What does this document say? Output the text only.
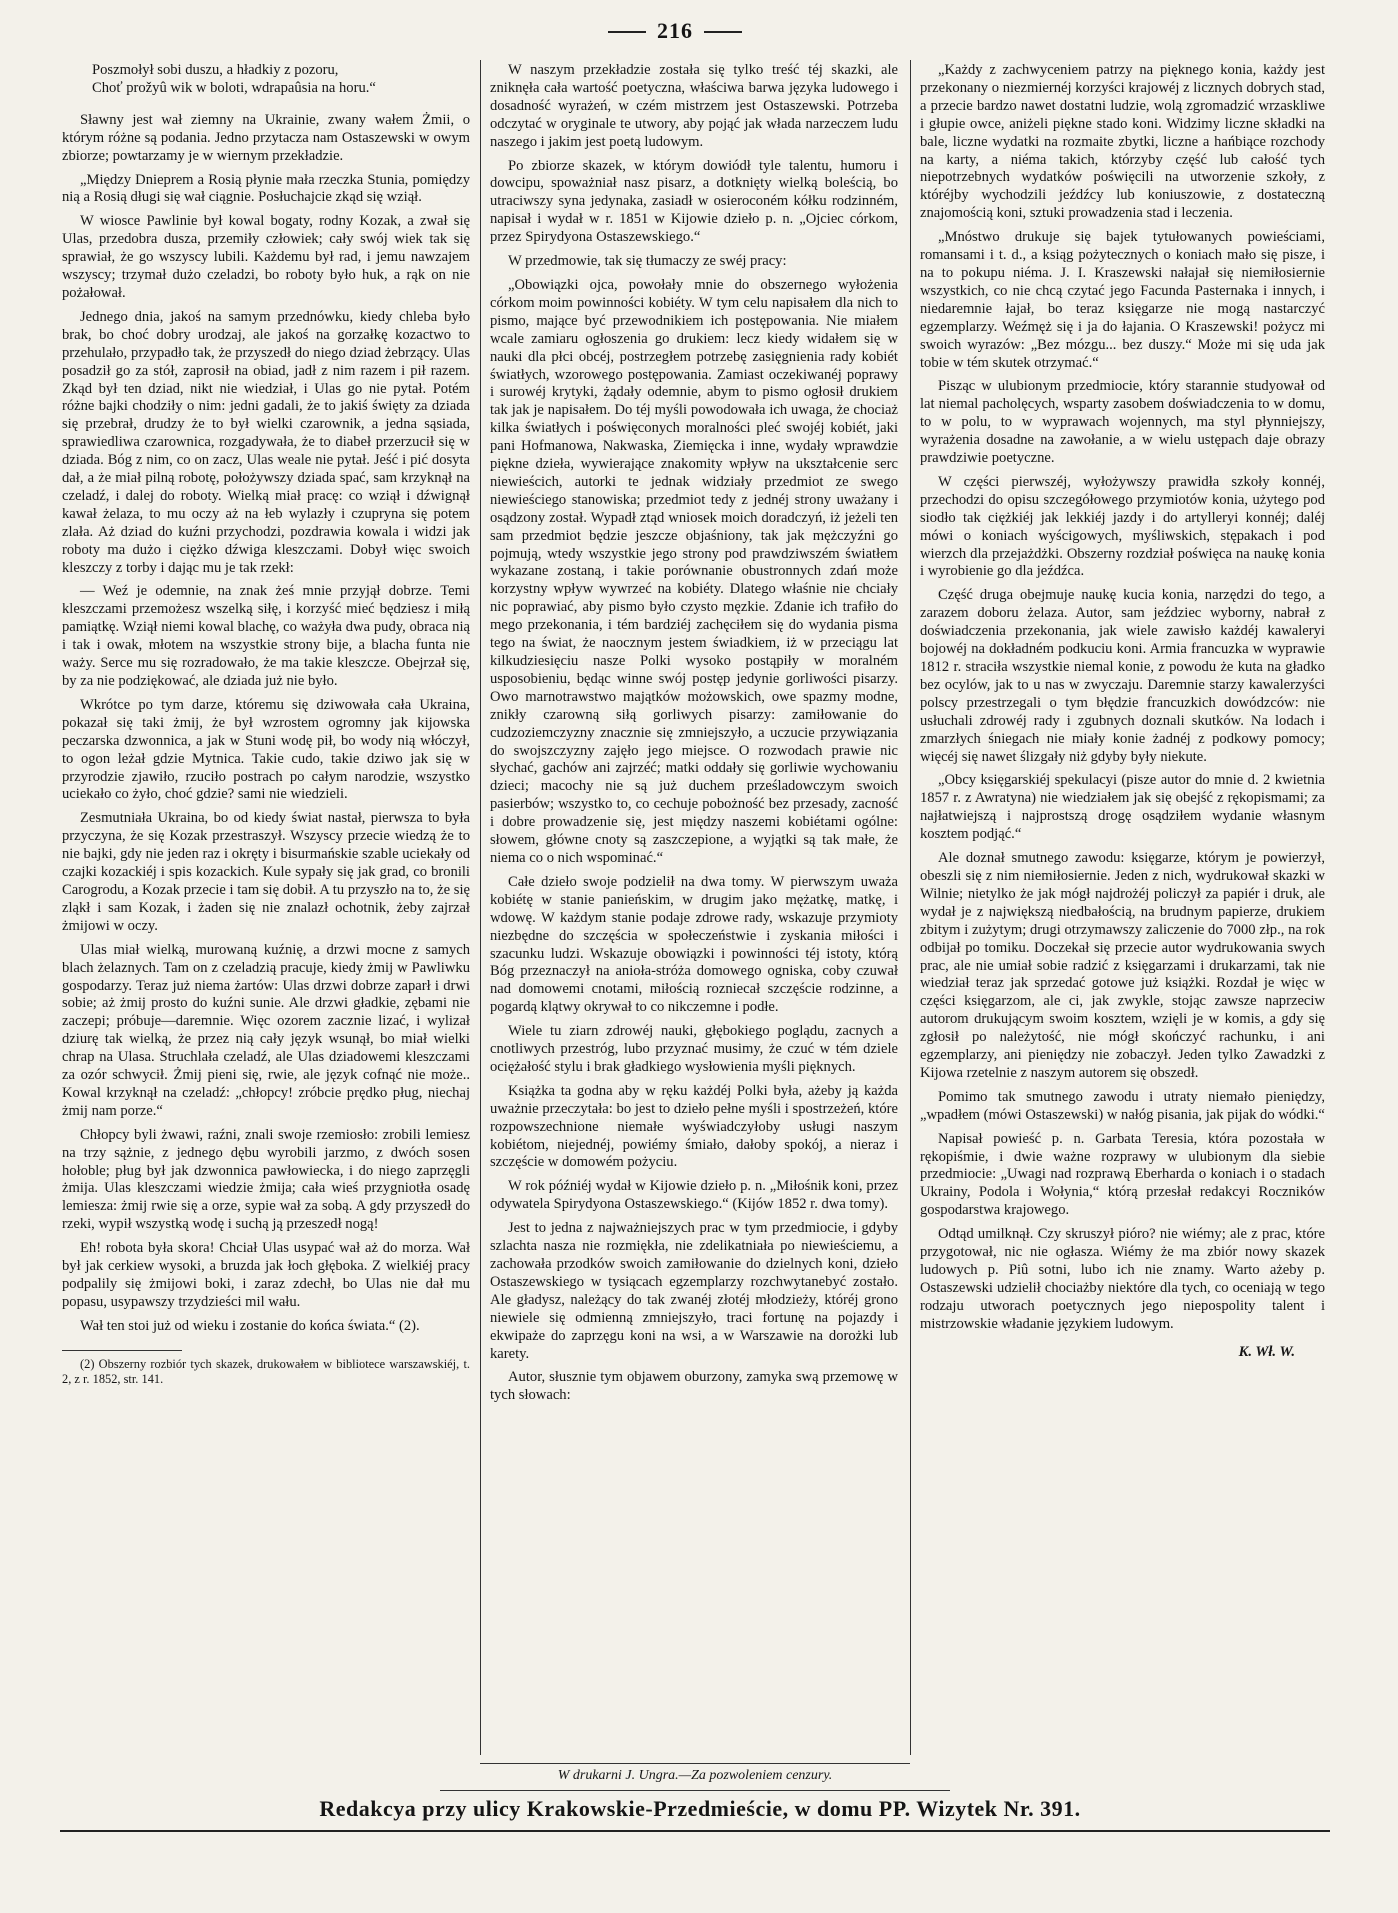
216
Poszmołył sobi duszu, a hładkiy z pozoru,
Choť prožyû wik w boloti, wdrapaûsia na horu.“

Sławny jest wał ziemny na Ukrainie, zwany wałem Żmii, o którym różne są podania. Jedno przytacza nam Ostaszewski w owym zbiorze; powtarzamy je w wiernym przekładzie.

„Między Dnieprem a Rosią płynie mała rzeczka Stunia, pomiędzy nią a Rosią długi się wał ciągnie. Posłuchajcie zkąd się wziął.

W wiosce Pawlinie był kowal bogaty, rodny Kozak, a zwał się Ulas, przedobra dusza, przemiły człowiek; cały swój wiek tak się sprawiał, że go wszyscy lubili. Każdemu był rad, i jemu nawzajem wszyscy; trzymał dużo czeladzi, bo roboty było huk, a rąk on nie pożałował.

Jednego dnia, jakoś na samym przednówku, kiedy chleba było brak, bo choć dobry urodzaj, ale jakoś na gorzałkę kozactwo to przehulało, przypadło tak, że przyszedł do niego dziad żebrzący. Ulas posadził go za stół, zaprosił na obiad, jadł z nim razem i pił razem. Zkąd był ten dziad, nikt nie wiedział, i Ulas go nie pytał. Potém różne bajki chodziły o nim: jedni gadali, że to jakiś święty za dziada się przebrał, drudzy że to był wielki czarownik, a jedna sąsiada, sprawiedliwa czarownica, rozgadywała, że to diabeł przerzucił się w dziada. Bóg z nim, co on zacz, Ulas weale nie pytał. Jeść i pić dosyta dał, a że miał pilną robotę, położywszy dziada spać, sam krzyknął na czeladź, i dalej do roboty. Wielką miał pracę: co wziął i dźwignął kawał żelaza, to mu oczy aż na łeb wylazły i czupryna się potem zlała. Aż dziad do kuźni przychodzi, pozdrawia kowala i widzi jak roboty ma dużo i ciężko dźwiga kleszczami. Dobył więc swoich kleszczy z torby i dając mu je tak rzekł:

— Weź je odemnie, na znak żeś mnie przyjął dobrze. Temi kleszczami przemożesz wszelką siłę, i korzyść mieć będziesz i miłą pamiątkę. Wziął niemi kowal blachę, co ważyła dwa pudy, obraca nią i tak i owak, młotem na wszystkie strony bije, a blacha funta nie waży. Serce mu się rozradowało, że ma takie kleszcze. Obejrzał się, by za nie podziękować, ale dziada już nie było.

Wkrótce po tym darze, któremu się dziwowała cała Ukraina, pokazał się taki żmij, że był wzrostem ogromny jak kijowska peczarska dzwonnica, a jak w Stuni wodę pił, bo wody nią włóczył, to ogon leżał gdzie Mytnica. Takie cudo, takie dziwo jak się w przyrodzie zjawiło, rzuciło postrach po całym narodzie, wszystko uciekało co żyło, choć gdzie? sami nie wiedzieli.

Zesmutniała Ukraina, bo od kiedy świat nastał, pierwsza to była przyczyna, że się Kozak przestraszył. Wszyscy przecie wiedzą że to nie bajki, gdy nie jeden raz i okręty i bisurmańskie szable uciekały od czajki kozackiéj i spis kozackich. Kule sypały się jak grad, co bronili Carogrodu, a Kozak przecie i tam się dobił. A tu przyszło na to, że się zląkł i sam Kozak, i żaden się nie znalazł ochotnik, żeby zajrzał żmijowi w oczy.

Ulas miał wielką, murowaną kuźnię, a drzwi mocne z samych blach żelaznych. Tam on z czeladzią pracuje, kiedy żmij w Pawliwku gospodarzy. Teraz już niema żartów: Ulas drzwi dobrze zaparł i drwi sobie; aż żmij prosto do kuźni sunie. Ale drzwi gładkie, zębami nie zaczepi; próbuje—daremnie. Więc ozorem zacznie lizać, i wylizał dziurę tak wielką, że przez nią cały język wsunął, bo miał wielki chrap na Ulasa. Struchlała czeladź, ale Ulas dziadowemi kleszczami za ozór schwycił. Żmij pieni się, rwie, ale język cofnąć nie może.. Kowal krzyknął na czeladź: „chłopcy! zróbcie prędko pług, niechaj żmij nam porze.“

Chłopcy byli żwawi, raźni, znali swoje rzemiosło: zrobili lemiesz na trzy sążnie, z jednego dębu wyrobili jarzmo, z dwóch sosen hołoble; pług był jak dzwonnica pawłowiecka, i do niego zaprzęgli żmija. Ulas kleszczami wiedzie żmija; cała wieś przygniotła osadę lemiesza: żmij rwie się a orze, sypie wał za sobą. A gdy przyszedł do rzeki, wypił wszystką wodę i suchą ją przeszedł nogą!

Eh! robota była skora! Chciał Ulas usypać wał aż do morza. Wał był jak cerkiew wysoki, a bruzda jak łoch głęboka. Z wielkiéj pracy podpalily się żmijowi boki, i zaraz zdechł, bo Ulas nie dał mu popasu, usypawszy trzydzieści mil wału.

Wał ten stoi już od wieku i zostanie do końca świata.“ (2).

(2) Obszerny rozbiór tych skazek, drukowałem w bibliotece warszawskiéj, t. 2, z r. 1852, str. 141.

W naszym przekładzie została się tylko treść téj skazki, ale zniknęła cała wartość poetyczna, właściwa barwa języka ludowego i dosadność wyrażeń, w czém mistrzem jest Ostaszewski. Potrzeba odczytać w oryginale te utwory, aby pojąć jak włada narzeczem ludu naszego i jakim jest poetą ludowym.

Po zbiorze skazek, w którym dowiódł tyle talentu, humoru i dowcipu, spoważniał nasz pisarz, a dotknięty wielką boleścią, bo utraciwszy syna jedynaka, zasiadł w osieroconém kółku rodzinném, napisał i wydał w r. 1851 w Kijowie dzieło p. n. „Ojciec córkom, przez Spirydyona Ostaszewskiego.“

W przedmowie, tak się tłumaczy ze swéj pracy:

„Obowiązki ojca, powołały mnie do obszernego wyłożenia córkom moim powinności kobiéty. W tym celu napisałem dla nich to pismo, mające być przewodnikiem ich postępowania. Nie miałem wcale zamiaru ogłoszenia go drukiem: lecz kiedy widałem się w nauki dla płci obcéj, postrzegłem potrzebę zasięgnienia rady kobiét światłych, wzorowego postępowania. Zamiast oczekiwanéj poprawy i surowéj krytyki, żądały odemnie, abym to pismo ogłosił drukiem tak jak je napisałem. Do téj myśli powodowała ich uwaga, że chociaż kilka światłych i poświęconych moralności pleć swojéj kobiét, jaki pani Hofmanowa, Nakwaska, Ziemięcka i inne, wydały wprawdzie piękne dzieła, wywierające znakomity wpływ na ukształcenie serc niewieścich, autorki te jednak widziały przedmiot ze swego niewieściego stanowiska; przedmiot tedy z jednéj strony uważany i osądzony został. Wypadł ztąd wniosek moich doradczyń, iż jeżeli ten sam przedmiot będzie jeszcze objaśniony, tak jak mężczyźni go pojmują, wtedy wszystkie jego strony pod prawdziwszém światłem wykazane zostaną, i takie porównanie obustronnych zdań może korzystny wpływ wywrzeć na kobiéty. Dlatego właśnie nie chciały nic poprawiać, aby pismo było czysto męzkie. Zdanie ich trafiło do mego przekonania, i tém bardziéj zachęciłem się do wydania pisma tego na świat, że naocznym jestem świadkiem, iż w przeciągu lat kilkudziesięciu nasze Polki wysoko postąpiły w moralném usposobieniu, będąc winne swój postęp jedynie gorliwości pisarzy. Owo marnotrawstwo majątków możowskich, owe spazmy modne, znikły czarowną siłą gorliwych pisarzy: zamiłowanie do cudzoziemczyzny znacznie się zmniejszyło, a uczucie przywiązania do swojszczyzny zajęło jego miejsce. O rozwodach prawie nic słychać, gachów ani zajrzéć; matki oddały się gorliwie wychowaniu dzieci; macochy nie są już duchem prześladowczym swoich pasierbów; wszystko to, co cechuje pobożność bez przesady, zacność i dobre prowadzenie się, jest między naszemi kobiétami ogólne: słowem, główne cnoty są zaszczepione, a wyjątki są tak małe, że niema co o nich wspominać.“

Całe dzieło swoje podzielił na dwa tomy. W pierwszym uważa kobiétę w stanie panieńskim, w drugim jako mężatkę, matkę, i wdowę. W każdym stanie podaje zdrowe rady, wskazuje przymioty niezbędne do szczęścia w społeczeństwie i zyskania miłości i szacunku ludzi. Wskazuje obowiązki i powinności téj istoty, którą Bóg przeznaczył na anioła-stróża domowego ogniska, coby czuwał nad domowemi cnotami, miłością rozniecał szczęście rodzinne, a pogardą klątwy okrywał to co nikczemne i podłe.

Wiele tu ziarn zdrowéj nauki, głębokiego poglądu, zacnych a cnotliwych przestróg, lubo przyznać musimy, że czuć w tém dziele ociężałość stylu i brak gładkiego wysłowienia myśli pięknych.

Książka ta godna aby w ręku każdéj Polki była, ażeby ją każda uważnie przeczytała: bo jest to dzieło pełne myśli i spostrzeżeń, które rozpowszechnione niemałe wyświadczyłoby usługi naszym kobiétom, niejednéj, powiémy śmiało, dałoby spokój, a nieraz i szczęście w domowém pożyciu.

W rok późniéj wydał w Kijowie dzieło p. n. „Miłośnik koni, przez odywatela Spirydyona Ostaszewskiego.“ (Kijów 1852 r. dwa tomy).

Jest to jedna z najważniejszych prac w tym przedmiocie, i gdyby szlachta nasza nie rozmiękła, nie zdelikatniała po niewieściemu, a zachowała przodków swoich zamiłowanie do dzielnych koni, dzieło Ostaszewskiego w tysiącach egzemplarzy rozchwytanebyć zostało. Ale gładysz, należący do tak zwanéj złotéj młodzieży, któréj grono niewiele się odmienną zmniejszyło, traci fortunę na pojazdy i ekwipaże do zaprzęgu koni na wsi, a w Warszawie na dorożki lub karety.

Autor, słusznie tym objawem oburzony, zamyka swą przemowę w tych słowach:

„Każdy z zachwyceniem patrzy na pięknego konia, każdy jest przekonany o niezmiernéj korzyści krajowéj z licznych dobrych stad, a przecie bardzo nawet dostatni ludzie, wolą zgromadzić wrzaskliwe i głupie owce, aniżeli piękne stado koni. Widzimy liczne składki na bale, liczne wydatki na rozmaite zbytki, liczne a hańbiące rozchody na karty, a niéma takich, którzyby część lub całość tych niepotrzebnych wydatków poświęcili na utworzenie szkoły, z któréjby wychodzili jeźdźcy lub koniuszowie, z dostateczną znajomością koni, sztuki prowadzenia stad i leczenia.

„Mnóstwo drukuje się bajek tytułowanych powieściami, romansami i t. d., a ksiąg pożytecznych o koniach mało się pisze, i na to pokupu niéma. J. I. Kraszewski nałajał się niemiłosiernie wszystkich, co nie chcą czytać jego Facunda Pasternaka i innych, i niedaremnie łajał, bo teraz księgarze nie mogą nastarczyć egzemplarzy. Weźmęż się i ja do łajania. O Kraszewski! pożycz mi swoich wyrazów: „Bez mózgu... bez duszy.“ Może mi się uda jak tobie w tém skutek otrzymać.“

Pisząc w ulubionym przedmiocie, który starannie studyował od lat niemal pacholęcych, wsparty zasobem doświadczenia to w domu, to w polu, to w wyprawach wojennych, ma styl płynniejszy, wyrażenia dosadne na zawołanie, a w wielu ustępach daje obrazy prawdziwie poetyczne.

W części pierwszéj, wyłożywszy prawidła szkoły konnéj, przechodzi do opisu szczegółowego przymiotów konia, użytego pod siodło tak ciężkiéj jak lekkiéj jazdy i do artylleryi konnéj; daléj mówi o koniach wyścigowych, myśliwskich, stępakach i pod wierzch dla przejażdżki. Obszerny rozdział poświęca na naukę konia i wyrobienie go dla jeźdźca.

Część druga obejmuje naukę kucia konia, narzędzi do tego, a zarazem doboru żelaza. Autor, sam jeździec wyborny, nabrał z doświadczenia przekonania, jak wiele zawisło każdéj kawaleryi bojowéj na dokładném podkuciu koni. Armia francuzka w wyprawie 1812 r. straciła wszystkie niemal konie, z powodu że kuta na gładko bez ocylów, jak to u nas w zwyczaju. Daremnie starzy kawalerzyści polscy przestrzegali o tym błędzie francuzkich dowódzców: nie usłuchali zdrowéj rady i zgubnych doznali skutków. Na lodach i zmarzłych śniegach nie miały konie żadnéj z podkowy pomocy; więcéj się nawet ślizgały niż gdyby były niekute.

„Obcy księgarskiéj spekulacyi (pisze autor do mnie d. 2 kwietnia 1857 r. z Awratyna) nie wiedziałem jak się obejść z rękopismami; za najłatwiejszą i najprostszą drogę osądziłem wydanie własnym kosztem podjąć.“

Ale doznał smutnego zawodu: księgarze, którym je powierzył, obeszli się z nim niemiłosiernie. Jeden z nich, wydrukował skazki w Wilnie; nietylko że jak mógł najdrożéj policzył za papiér i druk, ale wydał je z największą niedbałością, na brudnym papierze, drukiem zbitym i zużytym; drugi otrzymawszy zaliczenie do 7000 złp., na rok odbijał po tomiku. Doczekał się przecie autor wydrukowania swych prac, ale nie umiał sobie radzić z księgarzami i drukarzami, tak nie wiedział teraz jak sprzedać gotowe już książki. Rozdał je więc w części księgarzom, ale ci, jak zwykle, stojąc zawsze naprzeciw autorom drukującym swoim kosztem, wzięli je w komis, a gdy się zgłosił po należytość, nie mógł skończyć rachunku, i ani egzemplarzy, ani pieniędzy nie zobaczył. Jeden tylko Zawadzki z Kijowa rzetelnie z naszym autorem się obszedł.

Pomimo tak smutnego zawodu i utraty niemało pieniędzy, „wpadłem (mówi Ostaszewski) w nałóg pisania, jak pijak do wódki.“

Napisał powieść p. n. Garbata Teresia, która pozostała w rękopiśmie, i dwie ważne rozprawy w ulubionym dla siebie przedmiocie: „Uwagi nad rozprawą Eberharda o koniach i o stadach Ukrainy, Podola i Wołynia,“ którą przesłał redakcyi Roczników gospodarstwa krajowego.

Odtąd umilknął. Czy skruszył pióro? nie wiémy; ale z prac, które przygotował, nic nie ogłasza. Wiémy że ma zbiór nowy skazek ludowych p. Piû sotni, lubo ich nie znamy. Warto ażeby p. Ostaszewski udzielił chociażby niektóre dla tych, co oceniają w tego rodzaju utworach poetycznych jego niepospolity talent i mistrzowskie władanie językiem ludowym.

K. Wł. W.
W drukarni J. Ungra.—Za pozwoleniem cenzury.
Redakcya przy ulicy Krakowskie-Przedmieście, w domu PP. Wizytek Nr. 391.
